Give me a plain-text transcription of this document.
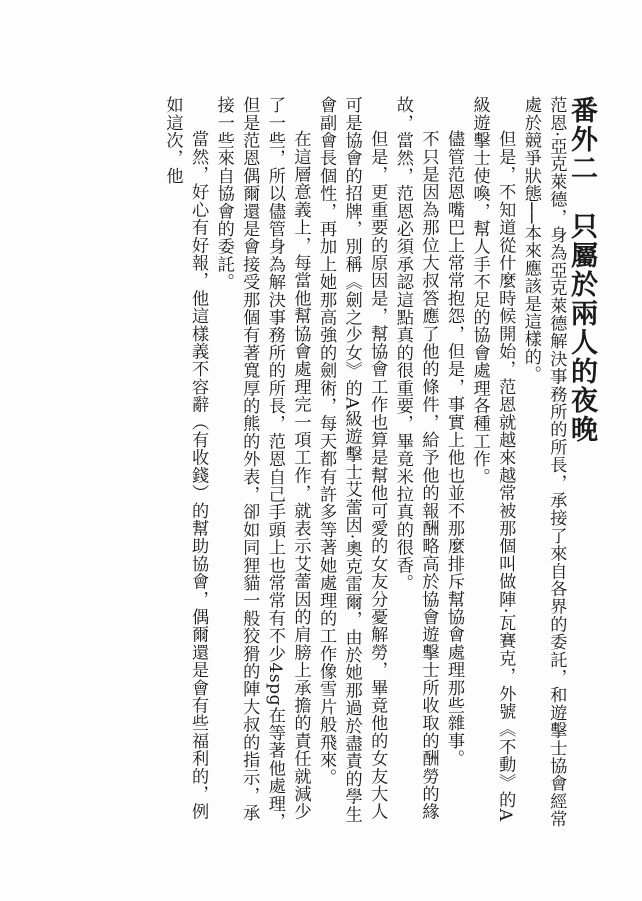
番外二　只屬於兩人的夜晚

范恩·亞克萊德，身為亞克萊德解決事務所的所長，承接了來自各界的委託，和遊擊士協會經常處於競爭狀態──本來應該是這樣的。

但是，不知道從什麼時候開始，范恩就越來越常被那個叫做陣·瓦賽克，外號《不動》的A級遊擊士使喚，幫人手不足的協會處理各種工作。

儘管范恩嘴巴上常常抱怨，但是，事實上他也並不那麼排斥幫協會處理那些雜事。

不只是因為那位大叔答應了他的條件，給予他的報酬略高於協會遊擊士所收取的酬勞的緣故，當然，范恩必須承認這點真的很重要，畢竟米拉真的很香。

但是，更重要的原因是，幫協會工作也算是幫他可愛的女友分憂解勞，畢竟他的女友大人可是協會的招牌，別稱《劍之少女》的A級遊擊士艾蕾因·奧克雷爾，由於她那過於盡責的學生會副會長個性，再加上她那高強的劍術，每天都有許多等著她處理的工作像雪片般飛來。

在這層意義上，每當他幫協會處理完一項工作，就表示艾蕾因的肩膀上承擔的責任就減少了一些，所以儘管身為解決事務所的所長，范恩自己手頭上也常常有不少4spg在等著他處理，但是范恩偶爾還是會接受那個有著寬厚的熊的外表，卻如同狸貓一般狡猾的陣大叔的指示，承接一些來自協會的委託。

當然，好心有好報，他這樣義不容辭（有收錢）的幫助協會，偶爾還是會有些福利的，例如這次，他
